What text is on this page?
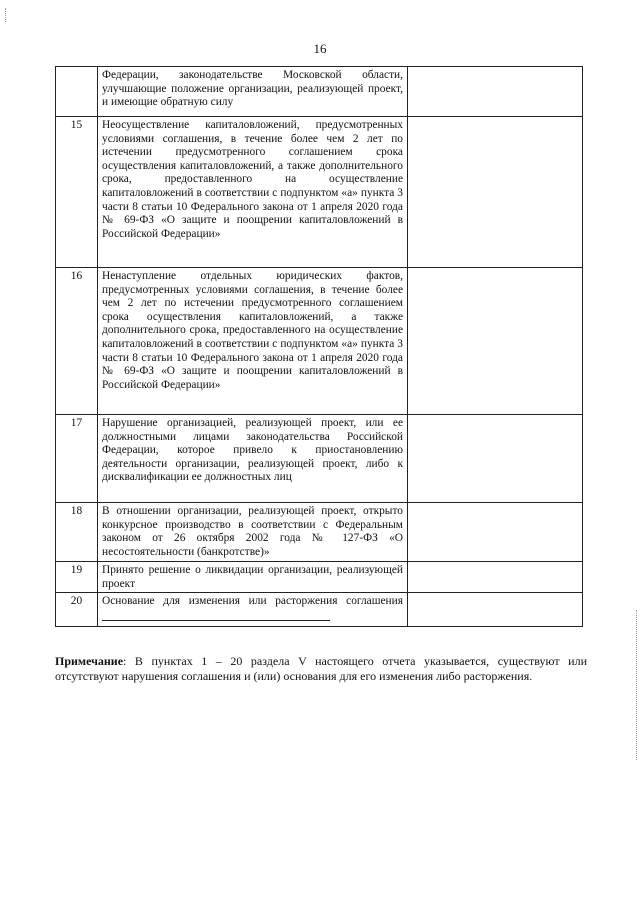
16

	Федерации, законодательстве Московской области, улучшающие положение организации, реализующей проект, и имеющие обратную силу	

15	Неосуществление капиталовложений, предусмотренных условиями соглашения, в течение более чем 2 лет по истечении предусмотренного соглашением срока осуществления капиталовложений, а также дополнительного срока, предоставленного на осуществление капиталовложений в соответствии с подпунктом «а» пункта 3 части 8 статьи 10 Федерального закона от 1 апреля 2020 года № 69-ФЗ «О защите и поощрении капиталовложений в Российской Федерации»	

16	Ненаступление отдельных юридических фактов, предусмотренных условиями соглашения, в течение более чем 2 лет по истечении предусмотренного соглашением срока осуществления капиталовложений, а также дополнительного срока, предоставленного на осуществление капиталовложений в соответствии с подпунктом «а» пункта 3 части 8 статьи 10 Федерального закона от 1 апреля 2020 года № 69-ФЗ «О защите и поощрении капиталовложений в Российской Федерации»	

17	Нарушение организацией, реализующей проект, или ее должностными лицами законодательства Российской Федерации, которое привело к приостановлению деятельности организации, реализующей проект, либо к дисквалификации ее должностных лиц	

18	В отношении организации, реализующей проект, открыто конкурсное производство в соответствии с Федеральным законом от 26 октября 2002 года № 127-ФЗ «О несостоятельности (банкротстве)»	

19	Принято решение о ликвидации организации, реализующей проект	

20	Основание для изменения или расторжения соглашения	
Примечание: В пунктах 1 – 20 раздела V настоящего отчета указывается, существуют или отсутствуют нарушения соглашения и (или) основания для его изменения либо расторжения.
